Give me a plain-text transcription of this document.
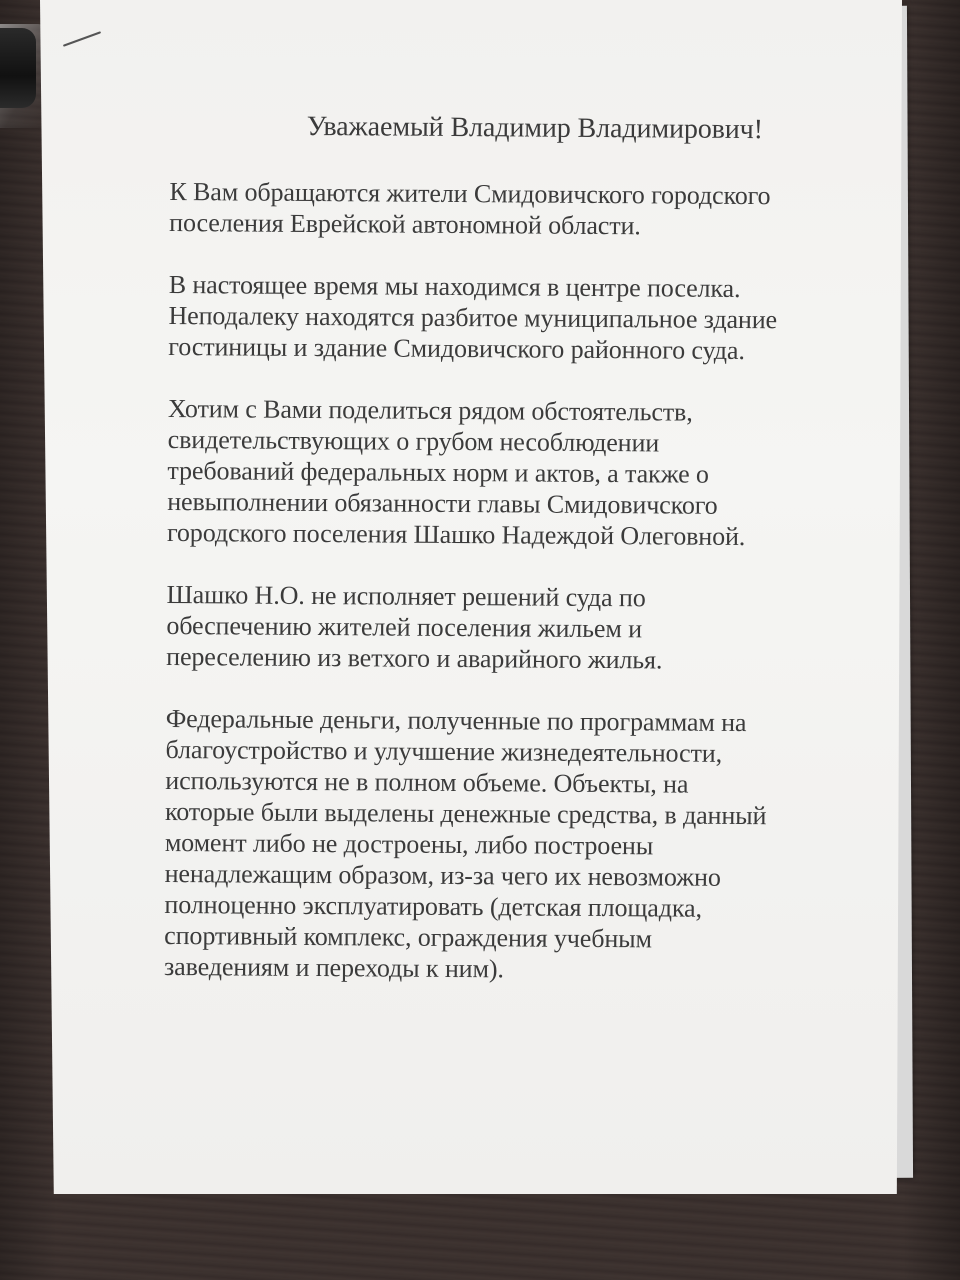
Уважаемый Владимир Владимирович!
К Вам обращаются жители Смидовичского городского
поселения Еврейской автономной области.
В настоящее время мы находимся в центре поселка.
Неподалеку находятся разбитое муниципальное здание
гостиницы и здание Смидовичского районного суда.
Хотим с Вами поделиться рядом обстоятельств,
свидетельствующих о грубом несоблюдении
требований федеральных норм и актов, а также о
невыполнении обязанности главы Смидовичского
городского поселения Шашко Надеждой Олеговной.
Шашко Н.О. не исполняет решений суда по
обеспечению жителей поселения жильем и
переселению из ветхого и аварийного жилья.
Федеральные деньги, полученные по программам на
благоустройство и улучшение жизнедеятельности,
используются не в полном объеме. Объекты, на
которые были выделены денежные средства, в данный
момент либо не достроены, либо построены
ненадлежащим образом, из-за чего их невозможно
полноценно эксплуатировать (детская площадка,
спортивный комплекс, ограждения учебным
заведениям и переходы к ним).
